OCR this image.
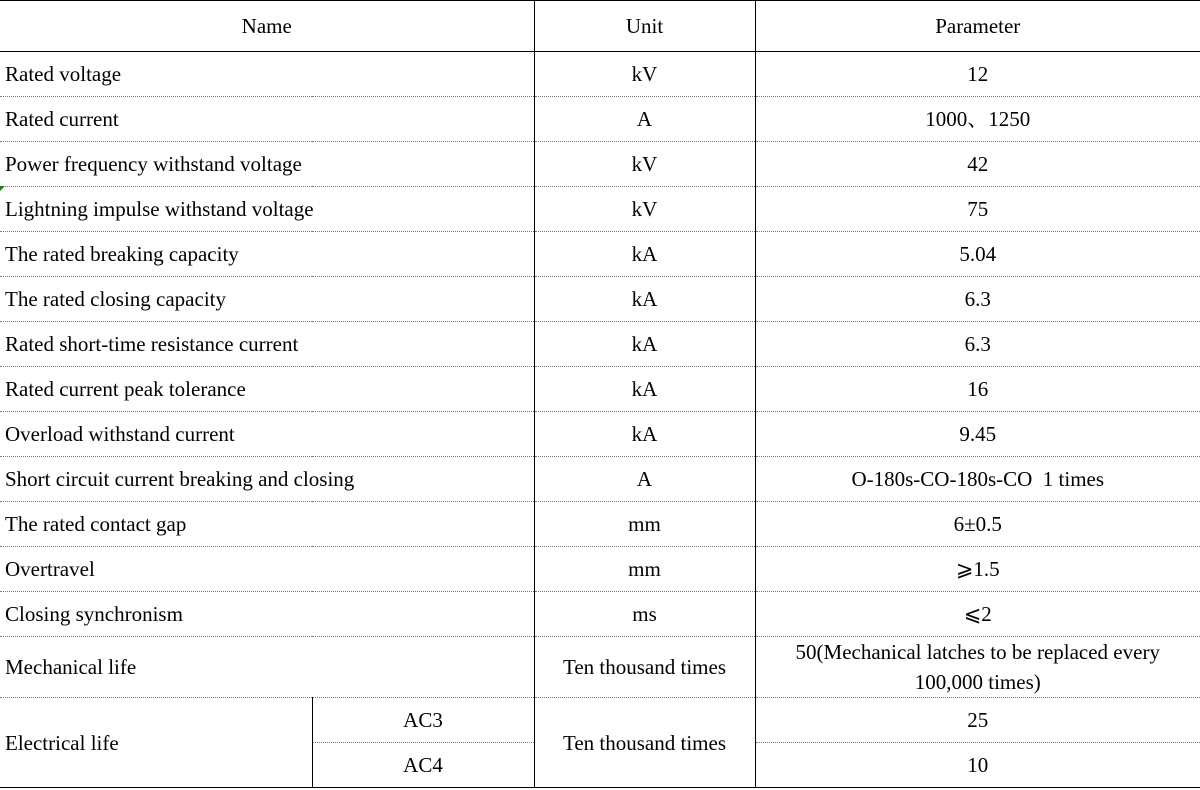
Name		Unit	Parameter
Rated voltage		kV	12
Rated current		A	1000、1250
Power frequency withstand voltage		kV	42
Lightning impulse withstand voltage		kV	75
The rated breaking capacity		kA	5.04
The rated closing capacity		kA	6.3
Rated short-time resistance current		kA	6.3
Rated current peak tolerance		kA	16
Overload withstand current		kA	9.45
Short circuit current breaking and closing		A	O-180s-CO-180s-CO  1 times
The rated contact gap		mm	6±0.5
Overtravel		mm	⩾1.5
Closing synchronism		ms	⩽2
Mechanical life		Ten thousand times	50(Mechanical latches to be replaced every 100,000 times)
Electrical life	AC3	Ten thousand times	25
	AC4		10
